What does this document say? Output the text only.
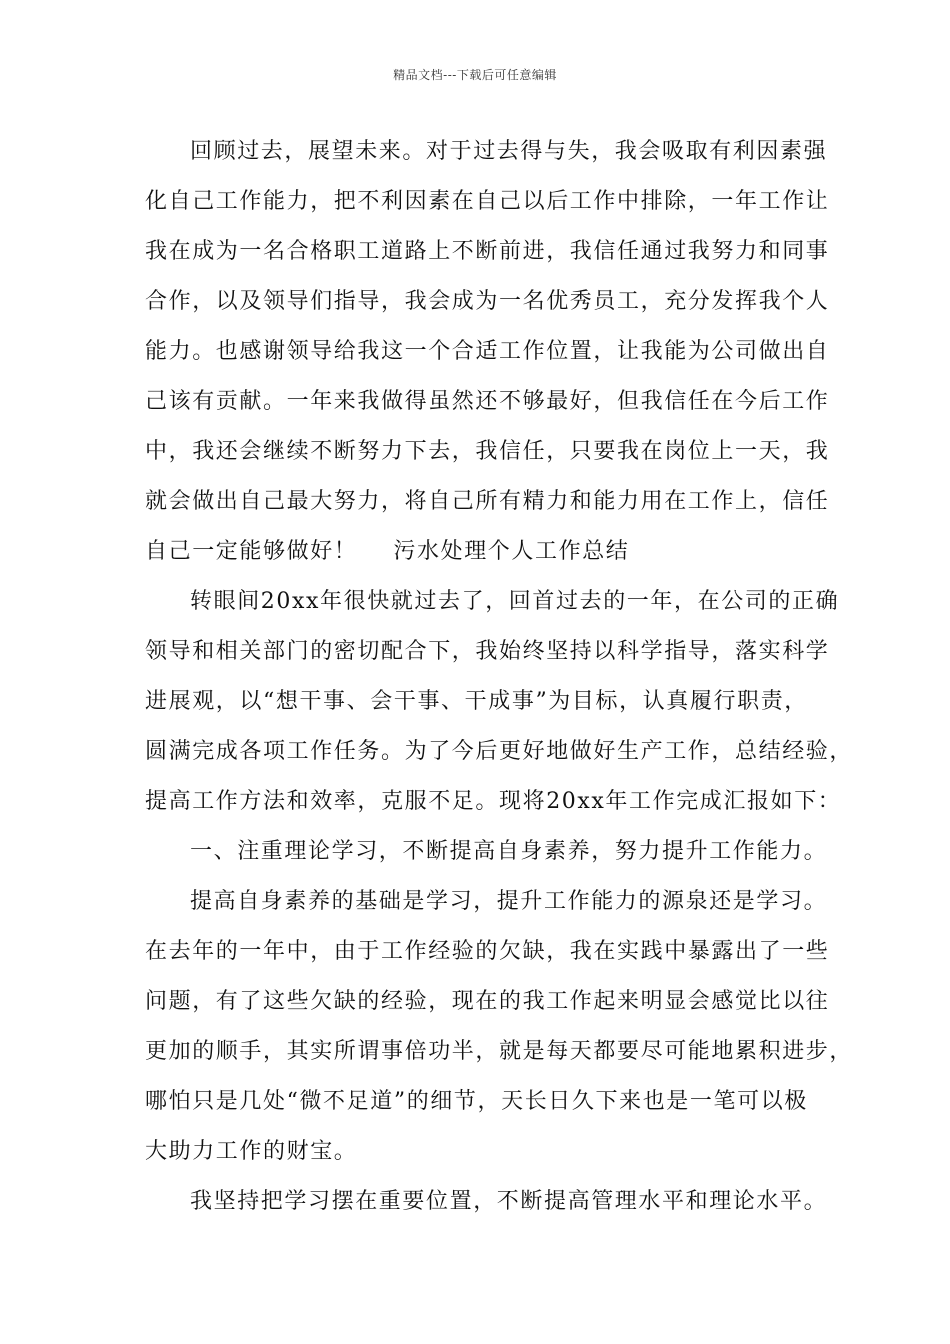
精品文档---下载后可任意编辑
回顾过去，展望未来。对于过去得与失，我会吸取有利因素强
化自己工作能力，把不利因素在自己以后工作中排除，一年工作让
我在成为一名合格职工道路上不断前进，我信任通过我努力和同事
合作，以及领导们指导，我会成为一名优秀员工，充分发挥我个人
能力。也感谢领导给我这一个合适工作位置，让我能为公司做出自
己该有贡献。一年来我做得虽然还不够最好，但我信任在今后工作
中，我还会继续不断努力下去，我信任，只要我在岗位上一天，我
就会做出自己最大努力，将自己所有精力和能力用在工作上，信任
自己一定能够做好！ 污水处理个人工作总结
转眼间20xx年很快就过去了，回首过去的一年，在公司的正确
领导和相关部门的密切配合下，我始终坚持以科学指导，落实科学
进展观，以“想干事、会干事、干成事”为目标，认真履行职责，
圆满完成各项工作任务。为了今后更好地做好生产工作，总结经验，
提高工作方法和效率，克服不足。现将20xx年工作完成汇报如下：
一、注重理论学习，不断提高自身素养，努力提升工作能力。
提高自身素养的基础是学习，提升工作能力的源泉还是学习。
在去年的一年中，由于工作经验的欠缺，我在实践中暴露出了一些
问题，有了这些欠缺的经验，现在的我工作起来明显会感觉比以往
更加的顺手，其实所谓事倍功半，就是每天都要尽可能地累积进步，
哪怕只是几处“微不足道”的细节，天长日久下来也是一笔可以极
大助力工作的财宝。
我坚持把学习摆在重要位置，不断提高管理水平和理论水平。
